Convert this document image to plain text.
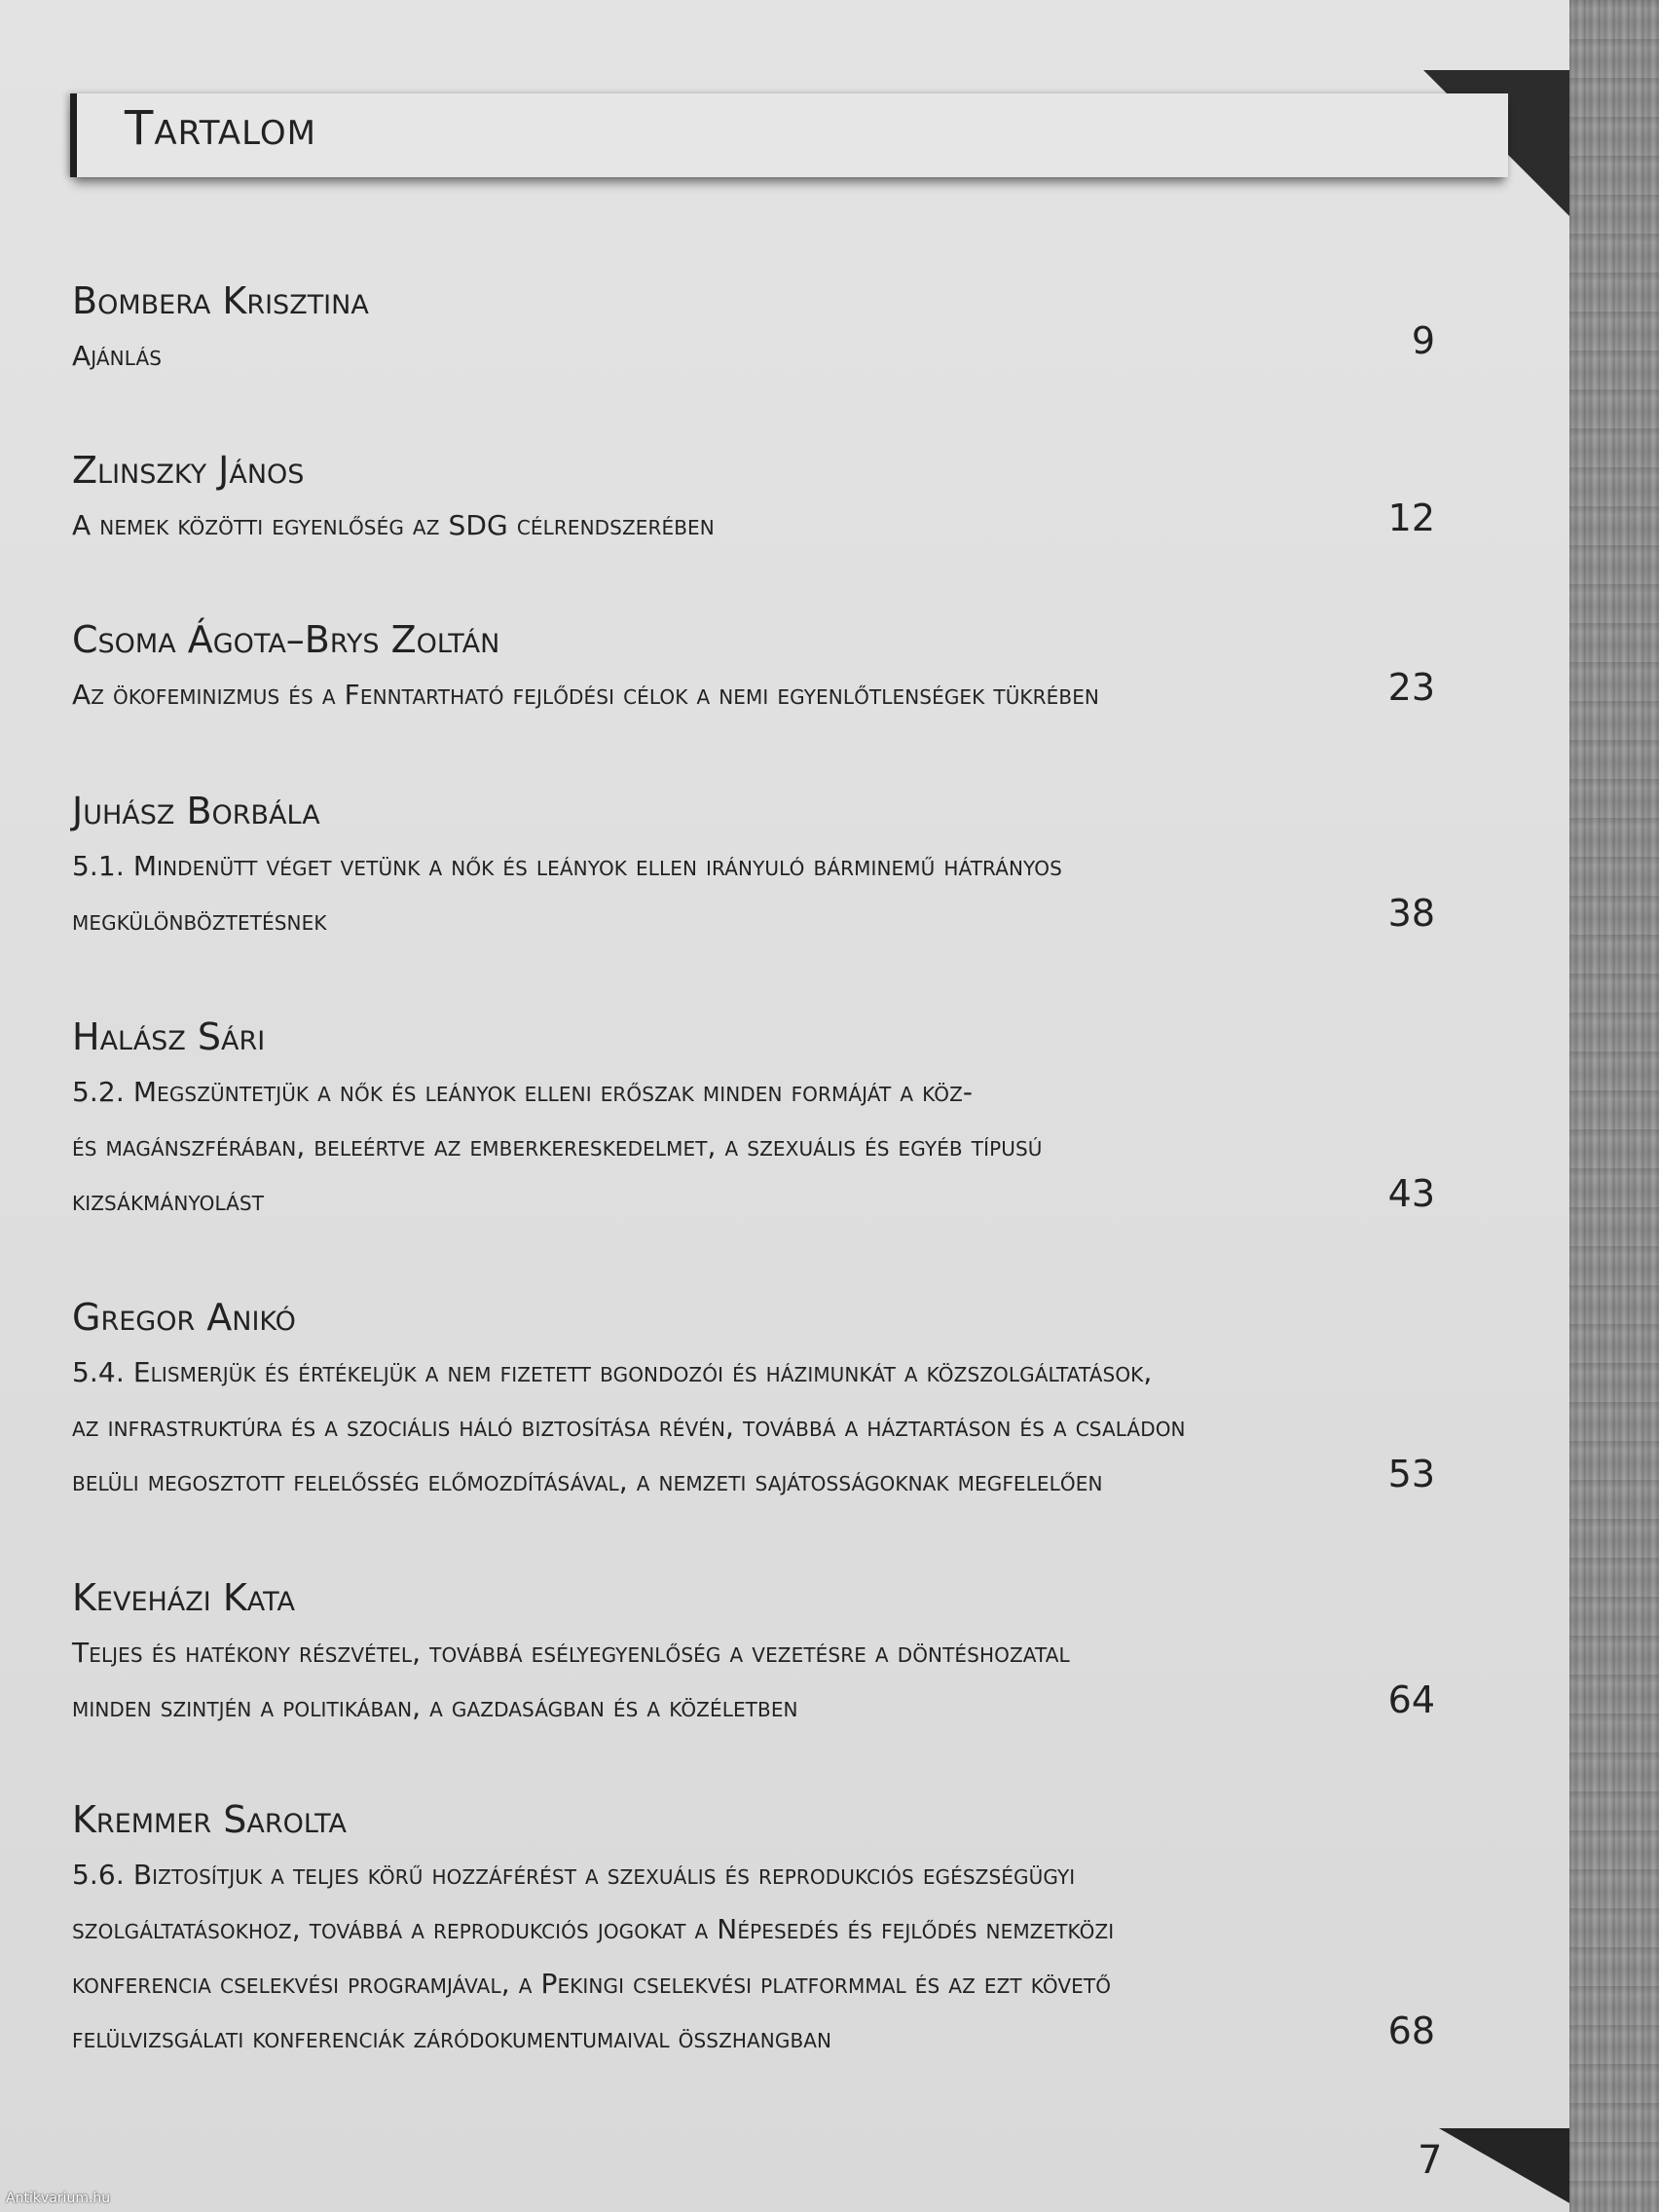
Tartalom
Bombera Krisztina
Ajánlás	9
Zlinszky János
A nemek közötti egyenlőség az SDG célrendszerében	12
Csoma Ágota–Brys Zoltán
Az ökofeminizmus és a Fenntartható fejlődési célok a nemi egyenlőtlenségek tükrében	23
Juhász Borbála
5.1. Mindenütt véget vetünk a nők és leányok ellen irányuló bárminemű hátrányos
megkülönböztetésnek	38
Halász Sári
5.2. Megszüntetjük a nők és leányok elleni erőszak minden formáját a köz-
és magánszférában, beleértve az emberkereskedelmet, a szexuális és egyéb típusú
kizsákmányolást	43
Gregor Anikó
5.4. Elismerjük és értékeljük a nem fizetett bgondozói és házimunkát a közszolgáltatások,
az infrastruktúra és a szociális háló biztosítása révén, továbbá a háztartáson és a családon
belüli megosztott felelősség előmozdításával, a nemzeti sajátosságoknak megfelelően	53
Keveházi Kata
Teljes és hatékony részvétel, továbbá esélyegyenlőség a vezetésre a döntéshozatal
minden szintjén a politikában, a gazdaságban és a közéletben	64
Kremmer Sarolta
5.6. Biztosítjuk a teljes körű hozzáférést a szexuális és reprodukciós egészségügyi
szolgáltatásokhoz, továbbá a reprodukciós jogokat a Népesedés és fejlődés nemzetközi
konferencia cselekvési programjával, a Pekingi cselekvési platformmal és az ezt követő
felülvizsgálati konferenciák záródokumentumaival összhangban	68
7
Antikvarium.hu
